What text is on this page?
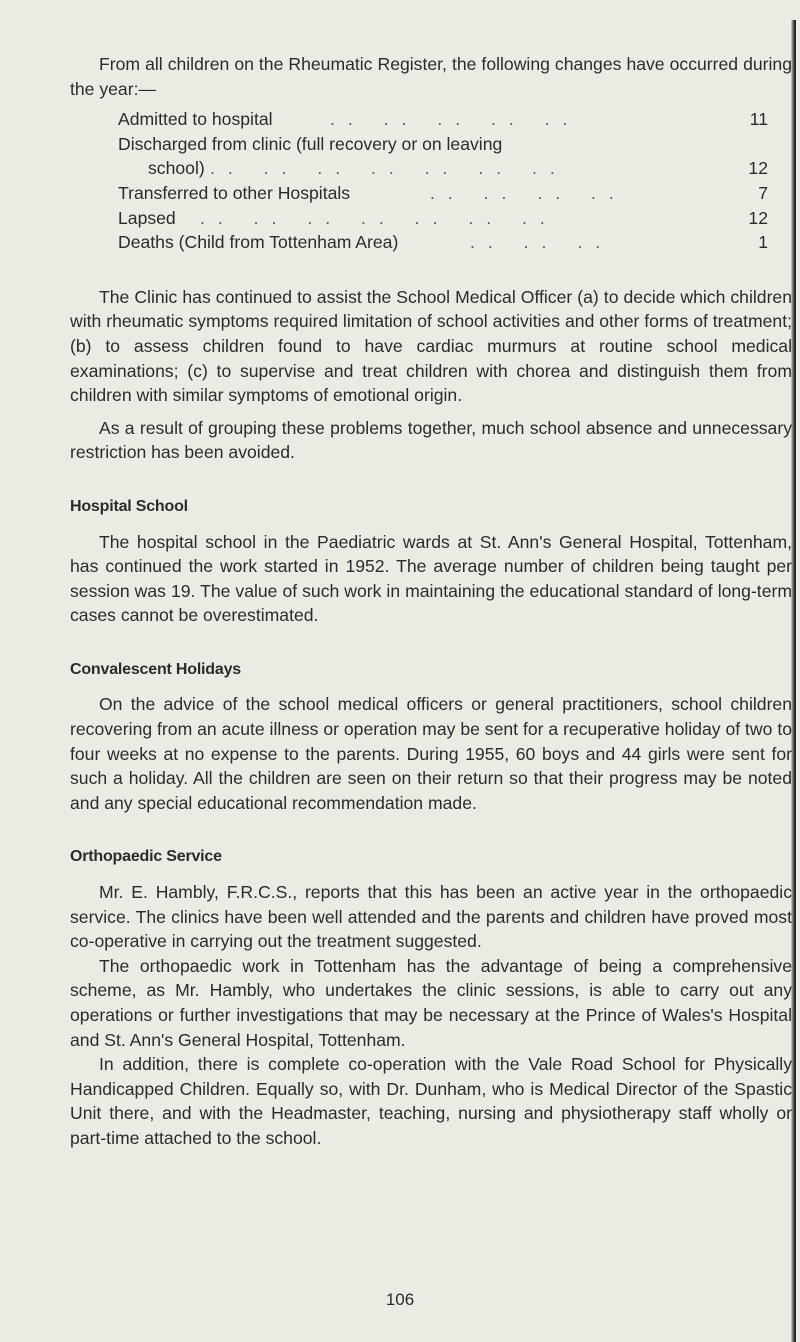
From all children on the Rheumatic Register, the following changes have occurred during the year:—

Admitted to hospital	.. .. .. .. ..	11
Discharged from clinic (full recovery or on leaving
school) .. .. .. .. .. .. ..	12
Transferred to other Hospitals	.. .. .. ..	7
Lapsed .. .. .. .. .. .. ..	12
Deaths (Child from Tottenham Area)	.. .. ..	1

The Clinic has continued to assist the School Medical Officer (a) to decide which children with rheumatic symptoms required limitation of school activities and other forms of treatment; (b) to assess children found to have cardiac murmurs at routine school medical examinations; (c) to supervise and treat children with chorea and distinguish them from children with similar symptoms of emotional origin.

As a result of grouping these problems together, much school absence and unnecessary restriction has been avoided.

Hospital School

The hospital school in the Paediatric wards at St. Ann's General Hospital, Tottenham, has continued the work started in 1952. The average number of children being taught per session was 19. The value of such work in maintaining the educational standard of long-term cases cannot be overestimated.

Convalescent Holidays

On the advice of the school medical officers or general practitioners, school children recovering from an acute illness or operation may be sent for a recuperative holiday of two to four weeks at no expense to the parents. During 1955, 60 boys and 44 girls were sent for such a holiday. All the children are seen on their return so that their progress may be noted and any special educational recommendation made.

Orthopaedic Service

Mr. E. Hambly, F.R.C.S., reports that this has been an active year in the orthopaedic service. The clinics have been well attended and the parents and children have proved most co-operative in carrying out the treatment suggested.

The orthopaedic work in Tottenham has the advantage of being a comprehensive scheme, as Mr. Hambly, who undertakes the clinic sessions, is able to carry out any operations or further investigations that may be necessary at the Prince of Wales's Hospital and St. Ann's General Hospital, Tottenham.

In addition, there is complete co-operation with the Vale Road School for Physically Handicapped Children. Equally so, with Dr. Dunham, who is Medical Director of the Spastic Unit there, and with the Headmaster, teaching, nursing and physiotherapy staff wholly or part-time attached to the school.

106
